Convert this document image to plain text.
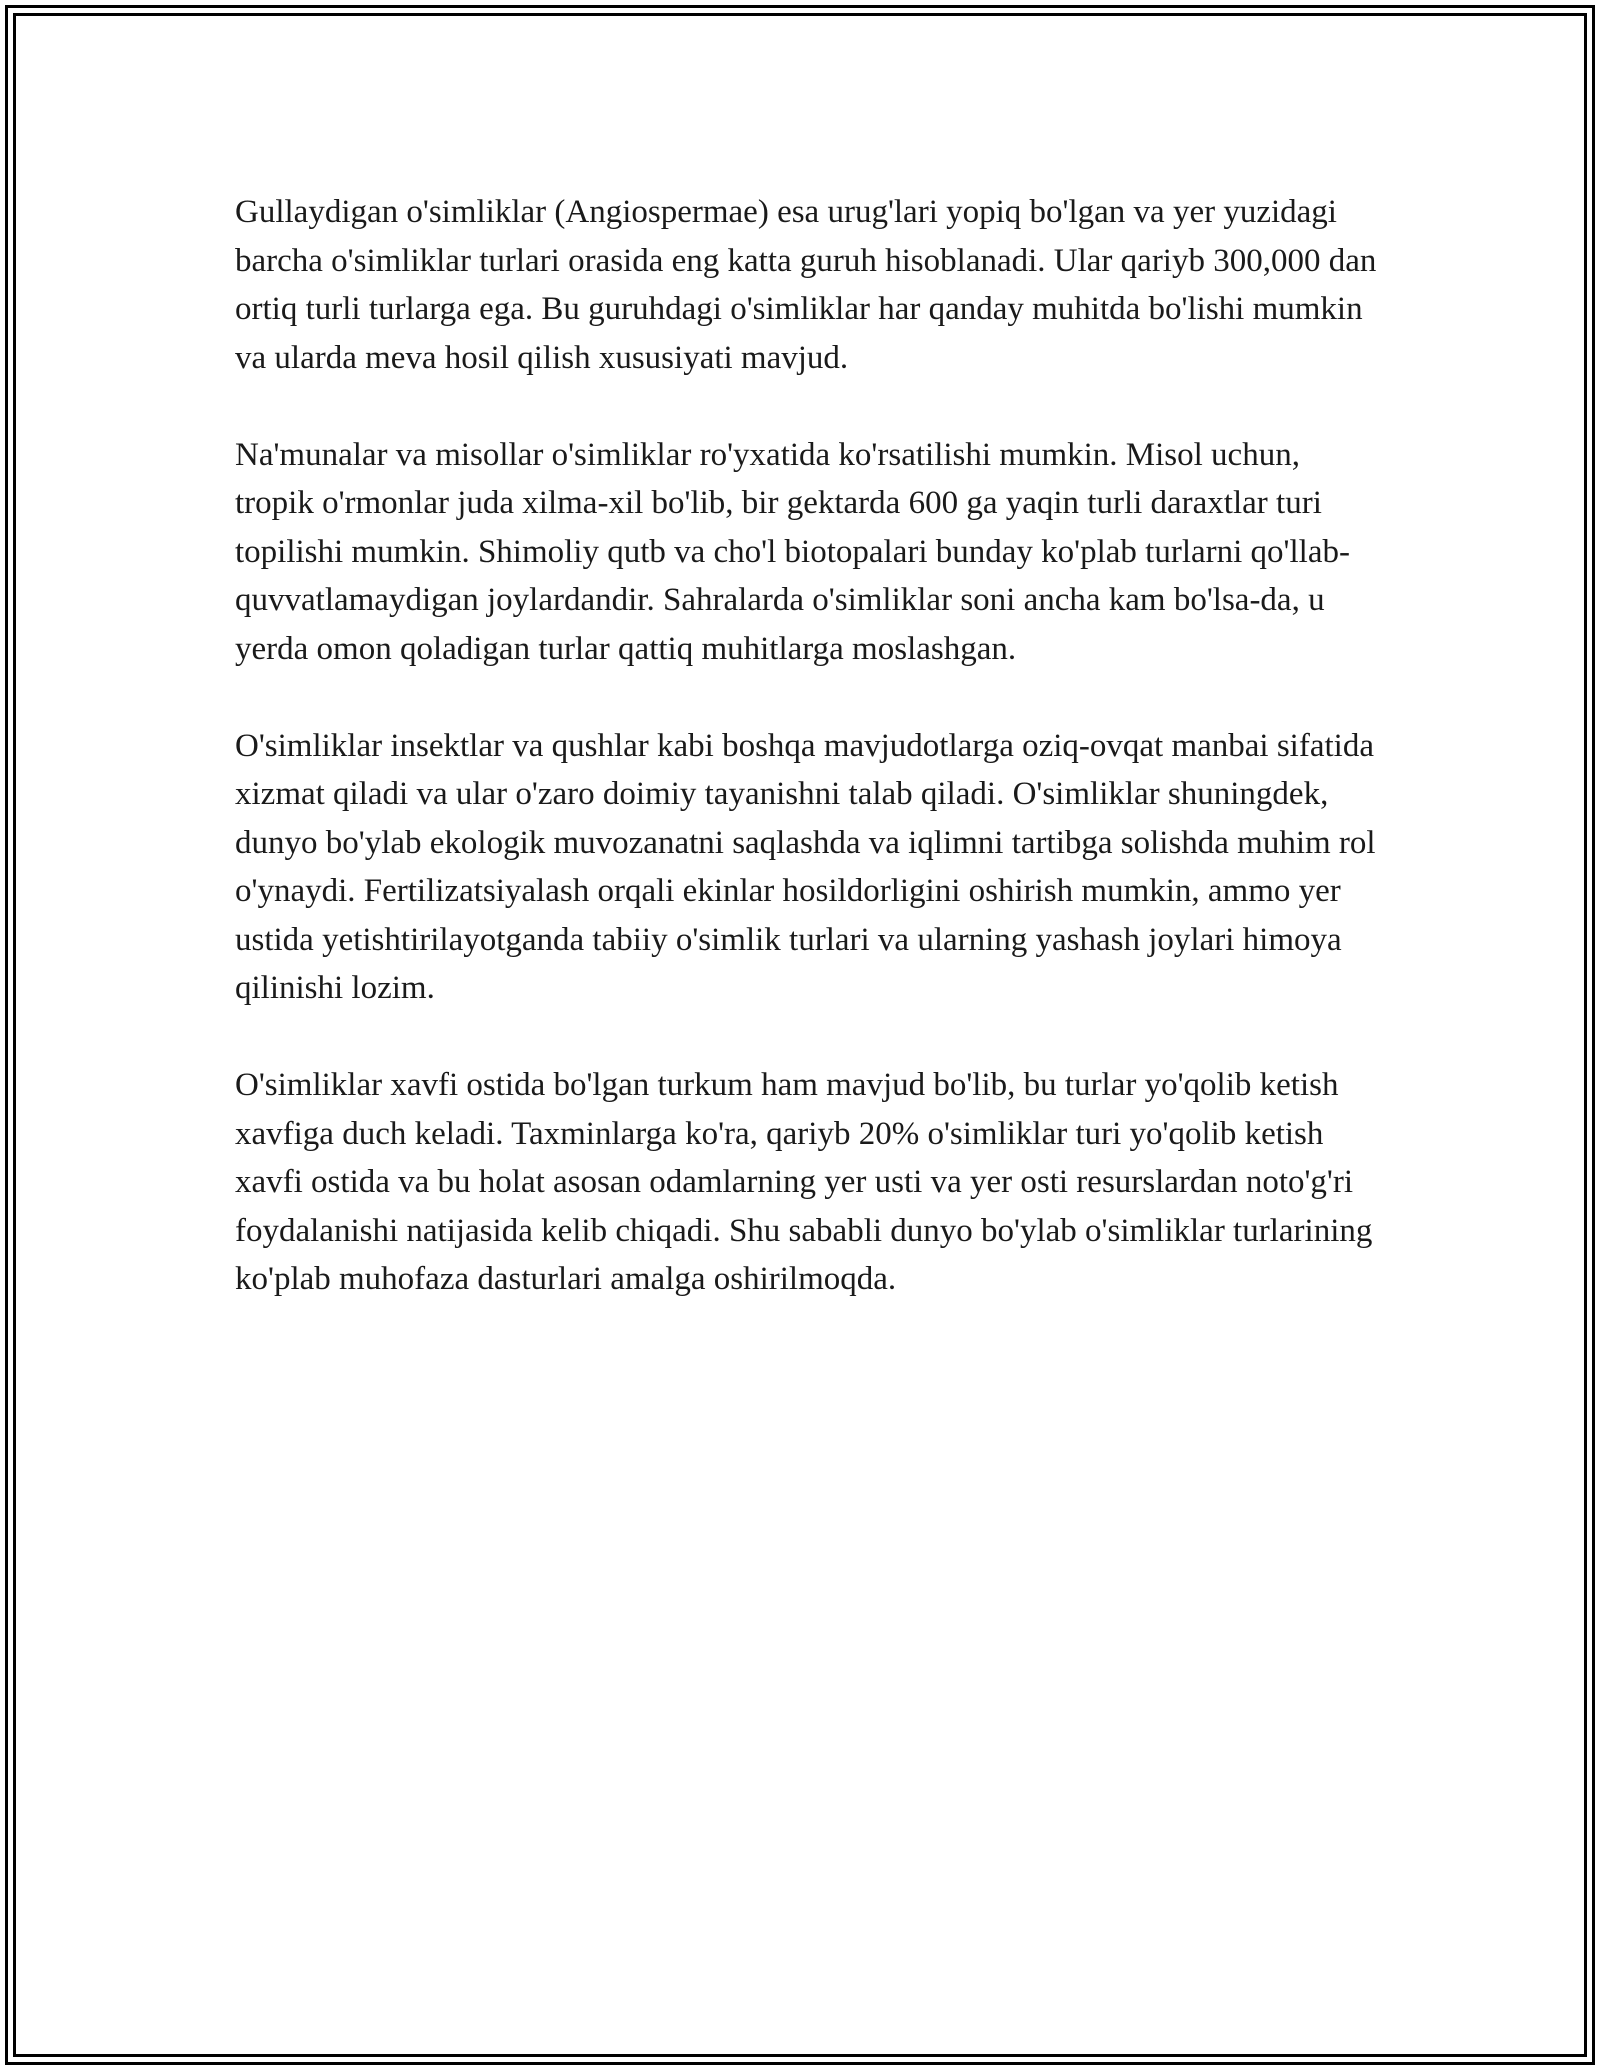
Gullaydigan o'simliklar (Angiospermae) esa urug'lari yopiq bo'lgan va yer yuzidagi barcha o'simliklar turlari orasida eng katta guruh hisoblanadi. Ular qariyb 300,000 dan ortiq turli turlarga ega. Bu guruhdagi o'simliklar har qanday muhitda bo'lishi mumkin va ularda meva hosil qilish xususiyati mavjud.

Na'munalar va misollar o'simliklar ro'yxatida ko'rsatilishi mumkin. Misol uchun, tropik o'rmonlar juda xilma-xil bo'lib, bir gektarda 600 ga yaqin turli daraxtlar turi topilishi mumkin. Shimoliy qutb va cho'l biotopalari bunday ko'plab turlarni qo'llab-quvvatlamaydigan joylardandir. Sahralarda o'simliklar soni ancha kam bo'lsa-da, u yerda omon qoladigan turlar qattiq muhitlarga moslashgan.

O'simliklar insektlar va qushlar kabi boshqa mavjudotlarga oziq-ovqat manbai sifatida xizmat qiladi va ular o'zaro doimiy tayanishni talab qiladi. O'simliklar shuningdek, dunyo bo'ylab ekologik muvozanatni saqlashda va iqlimni tartibga solishda muhim rol o'ynaydi. Fertilizatsiyalash orqali ekinlar hosildorligini oshirish mumkin, ammo yer ustida yetishtirilayotganda tabiiy o'simlik turlari va ularning yashash joylari himoya qilinishi lozim.

O'simliklar xavfi ostida bo'lgan turkum ham mavjud bo'lib, bu turlar yo'qolib ketish xavfiga duch keladi. Taxminlarga ko'ra, qariyb 20% o'simliklar turi yo'qolib ketish xavfi ostida va bu holat asosan odamlarning yer usti va yer osti resurslardan noto'g'ri foydalanishi natijasida kelib chiqadi. Shu sababli dunyo bo'ylab o'simliklar turlarining ko'plab muhofaza dasturlari amalga oshirilmoqda.
